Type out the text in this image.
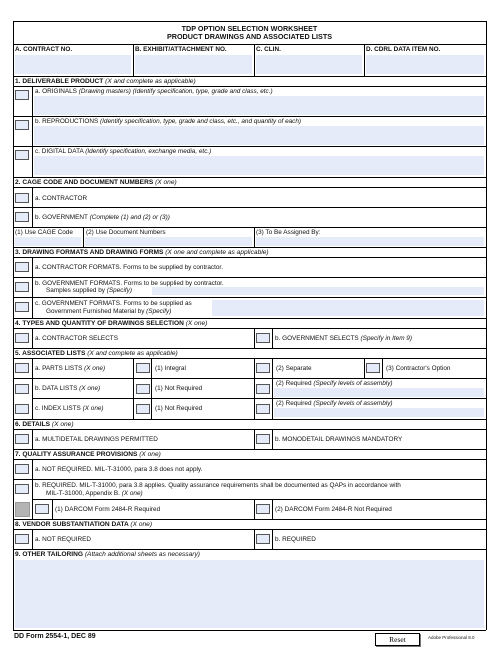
TDP OPTION SELECTION WORKSHEET
PRODUCT DRAWINGS AND ASSOCIATED LISTS
A. CONTRACT NO.	B. EXHIBIT/ATTACHMENT NO.	C. CLIN.	D. CDRL DATA ITEM NO.
1. DELIVERABLE PRODUCT (X and complete as applicable)
a. ORIGINALS (Drawing masters) (Identify specification, type, grade and class, etc.)
b. REPRODUCTIONS (Identify specification, type, grade and class, etc., and quantity of each)
c. DIGITAL DATA (Identify specification, exchange media, etc.)
2. CAGE CODE AND DOCUMENT NUMBERS (X one)
a. CONTRACTOR
b. GOVERNMENT (Complete (1) and (2) or (3))
(1) Use CAGE Code (2) Use Document Numbers	(3) To Be Assigned By:
3. DRAWING FORMATS AND DRAWING FORMS (X one and complete as applicable)
a. CONTRACTOR FORMATS. Forms to be supplied by contractor.
b. GOVERNMENT FORMATS. Forms to be supplied by contractor.
Samples supplied by (Specify)
c. GOVERNMENT FORMATS. Forms to be supplied as
Government Furnished Material by (Specify)
4. TYPES AND QUANTITY OF DRAWINGS SELECTION (X one)
a. CONTRACTOR SELECTS	b. GOVERNMENT SELECTS (Specify in Item 9)
5. ASSOCIATED LISTS (X and complete as applicable)
a. PARTS LISTS (X one)	(1) Integral	(2) Separate	(3) Contractor's Option
b. DATA LISTS (X one)	(1) Not Required
(2) Required (Specify levels of assembly)
c. INDEX LISTS (X one)	(1) Not Required
(2) Required (Specify levels of assembly)
6. DETAILS (X one)
a. MULTIDETAIL DRAWINGS PERMITTED	b. MONODETAIL DRAWINGS MANDATORY
7. QUALITY ASSURANCE PROVISIONS (X one)
a. NOT REQUIRED. MIL-T-31000, para 3.8 does not apply.
b. REQUIRED. MIL-T-31000, para 3.8 applies. Quality assurance requirements shall be documented as QAPs in accordance with
MIL-T-31000, Appendix B. (X one)
(1) DARCOM Form 2484-R Required	(2) DARCOM Form 2484-R Not Required
8. VENDOR SUBSTANTIATION DATA (X one)
a. NOT REQUIRED	b. REQUIRED
9. OTHER TAILORING (Attach additional sheets as necessary)
DD Form 2554-1, DEC 89	Reset	Adobe Professional 8.0
